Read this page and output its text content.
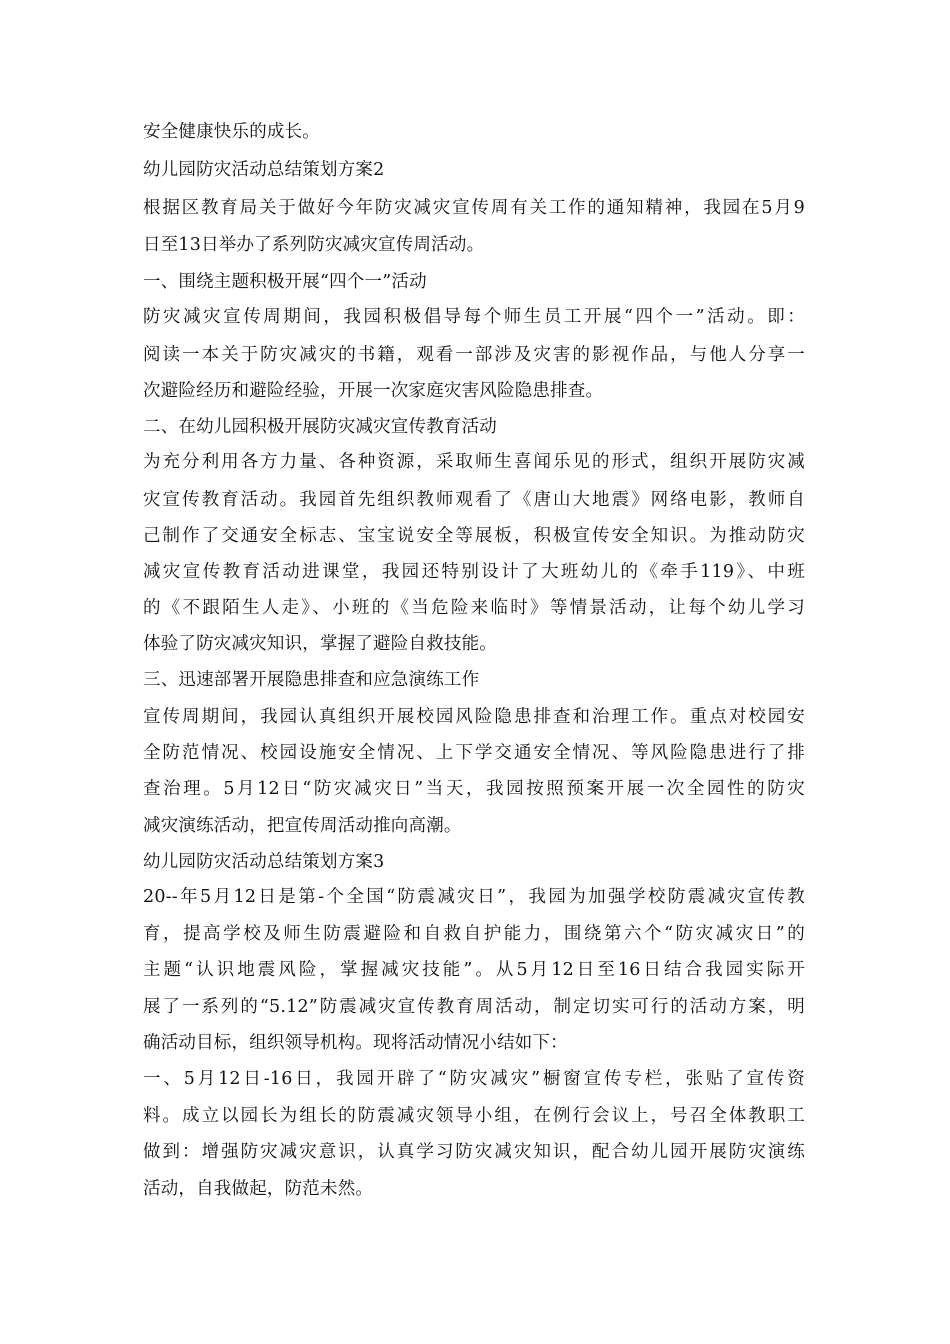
安全健康快乐的成长。

幼儿园防灾活动总结策划方案2

根据区教育局关于做好今年防灾减灾宣传周有关工作的通知精神，我园在5月9

日至13日举办了系列防灾减灾宣传周活动。

一、围绕主题积极开展“四个一”活动

防灾减灾宣传周期间，我园积极倡导每个师生员工开展“四个一”活动。即：

阅读一本关于防灾减灾的书籍，观看一部涉及灾害的影视作品，与他人分享一

次避险经历和避险经验，开展一次家庭灾害风险隐患排查。

二、在幼儿园积极开展防灾减灾宣传教育活动

为充分利用各方力量、各种资源，采取师生喜闻乐见的形式，组织开展防灾减

灾宣传教育活动。我园首先组织教师观看了《唐山大地震》网络电影，教师自

己制作了交通安全标志、宝宝说安全等展板，积极宣传安全知识。为推动防灾

减灾宣传教育活动进课堂，我园还特别设计了大班幼儿的《牵手119》、中班

的《不跟陌生人走》、小班的《当危险来临时》等情景活动，让每个幼儿学习

体验了防灾减灾知识，掌握了避险自救技能。

三、迅速部署开展隐患排查和应急演练工作

宣传周期间，我园认真组织开展校园风险隐患排查和治理工作。重点对校园安

全防范情况、校园设施安全情况、上下学交通安全情况、等风险隐患进行了排

查治理。5月12日“防灾减灾日”当天，我园按照预案开展一次全园性的防灾

减灾演练活动，把宣传周活动推向高潮。

幼儿园防灾活动总结策划方案3

20--年5月12日是第-个全国“防震减灾日”，我园为加强学校防震减灾宣传教

育，提高学校及师生防震避险和自救自护能力，围绕第六个“防灾减灾日”的

主题“认识地震风险，掌握减灾技能”。从5月12日至16日结合我园实际开

展了一系列的“5.12”防震减灾宣传教育周活动，制定切实可行的活动方案，明

确活动目标，组织领导机构。现将活动情况小结如下：

一、5月12日-16日，我园开辟了“防灾减灾”橱窗宣传专栏，张贴了宣传资

料。成立以园长为组长的防震减灾领导小组，在例行会议上，号召全体教职工

做到：增强防灾减灾意识，认真学习防灾减灾知识，配合幼儿园开展防灾演练

活动，自我做起，防范未然。
